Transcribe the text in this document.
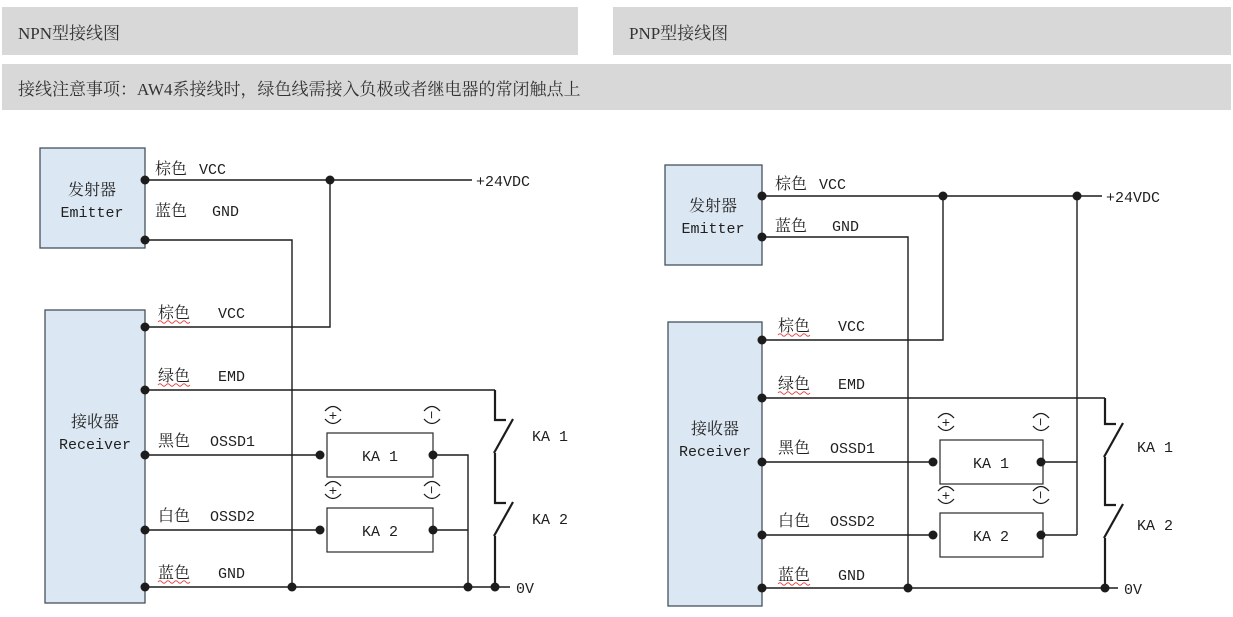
NPN型接线图	PNP型接线图
接线注意事项：AW4系接线时，绿色线需接入负极或者继电器的常闭触点上
发射器
Emitter
接收器
Receiver
KA 1
KA 2
+	−
+	−
棕色 VCC
蓝色 GND
棕色 VCC
绿色 EMD
黑色 OSSD1
白色 OSSD2
蓝色 GND
+24VDC
0V
KA 1
KA 2
发射器
Emitter
接收器
Receiver
KA 1
KA 2
+	−
+	−
棕色 VCC
蓝色 GND
棕色 VCC
绿色 EMD
黑色 OSSD1
白色 OSSD2
蓝色 GND
+24VDC
0V
KA 1
KA 2
